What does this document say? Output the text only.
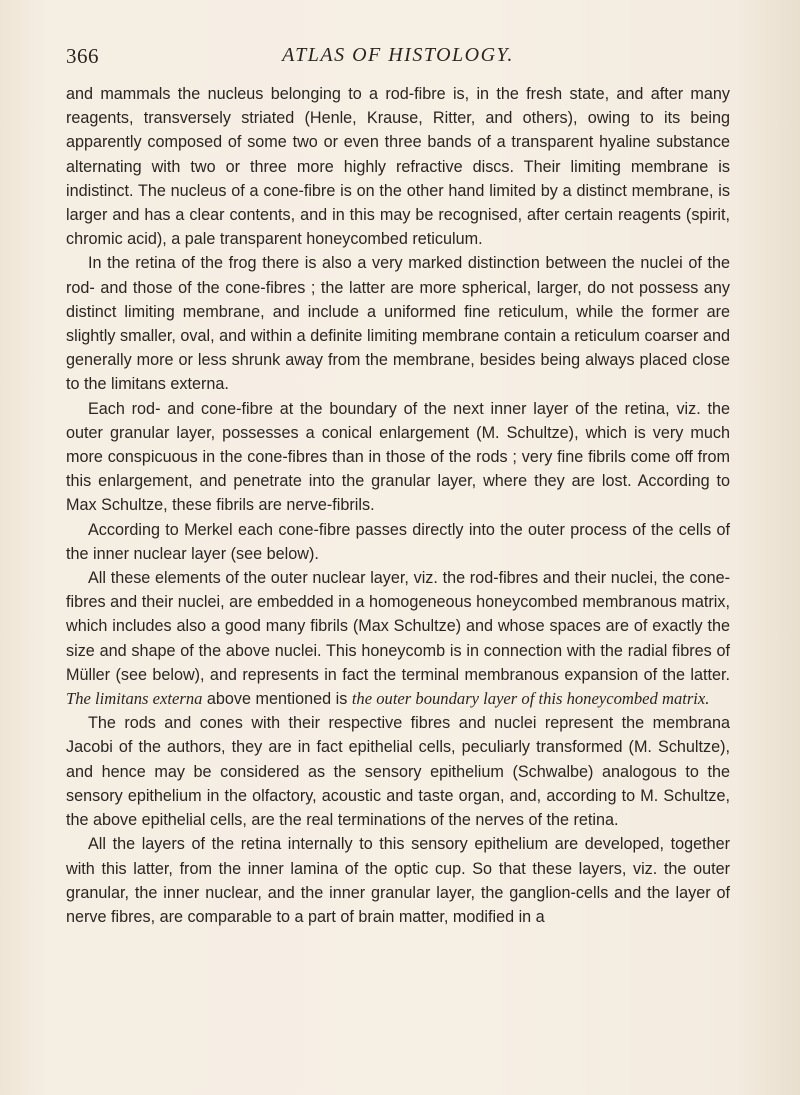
366	ATLAS OF HISTOLOGY.

and mammals the nucleus belonging to a rod-fibre is, in the fresh state, and after many reagents, transversely striated (Henle, Krause, Ritter, and others), owing to its being apparently composed of some two or even three bands of a transparent hyaline substance alternating with two or three more highly refractive discs. Their limiting membrane is indistinct. The nucleus of a cone-fibre is on the other hand limited by a distinct membrane, is larger and has a clear contents, and in this may be recognised, after certain reagents (spirit, chromic acid), a pale transparent honeycombed reticulum.

In the retina of the frog there is also a very marked distinction between the nuclei of the rod- and those of the cone-fibres ; the latter are more spherical, larger, do not possess any distinct limiting membrane, and include a uniformed fine reticulum, while the former are slightly smaller, oval, and within a definite limiting membrane contain a reticulum coarser and generally more or less shrunk away from the membrane, besides being always placed close to the limitans externa.

Each rod- and cone-fibre at the boundary of the next inner layer of the retina, viz. the outer granular layer, possesses a conical enlargement (M. Schultze), which is very much more conspicuous in the cone-fibres than in those of the rods ; very fine fibrils come off from this enlargement, and penetrate into the granular layer, where they are lost. According to Max Schultze, these fibrils are nerve-fibrils.

According to Merkel each cone-fibre passes directly into the outer process of the cells of the inner nuclear layer (see below).

All these elements of the outer nuclear layer, viz. the rod-fibres and their nuclei, the cone-fibres and their nuclei, are embedded in a homogeneous honeycombed membranous matrix, which includes also a good many fibrils (Max Schultze) and whose spaces are of exactly the size and shape of the above nuclei. This honeycomb is in connection with the radial fibres of Müller (see below), and represents in fact the terminal membranous expansion of the latter. The limitans externa above mentioned is the outer boundary layer of this honeycombed matrix.

The rods and cones with their respective fibres and nuclei represent the membrana Jacobi of the authors, they are in fact epithelial cells, peculiarly transformed (M. Schultze), and hence may be considered as the sensory epithelium (Schwalbe) analogous to the sensory epithelium in the olfactory, acoustic and taste organ, and, according to M. Schultze, the above epithelial cells, are the real terminations of the nerves of the retina.

All the layers of the retina internally to this sensory epithelium are developed, together with this latter, from the inner lamina of the optic cup. So that these layers, viz. the outer granular, the inner nuclear, and the inner granular layer, the ganglion-cells and the layer of nerve fibres, are comparable to a part of brain matter, modified in a
